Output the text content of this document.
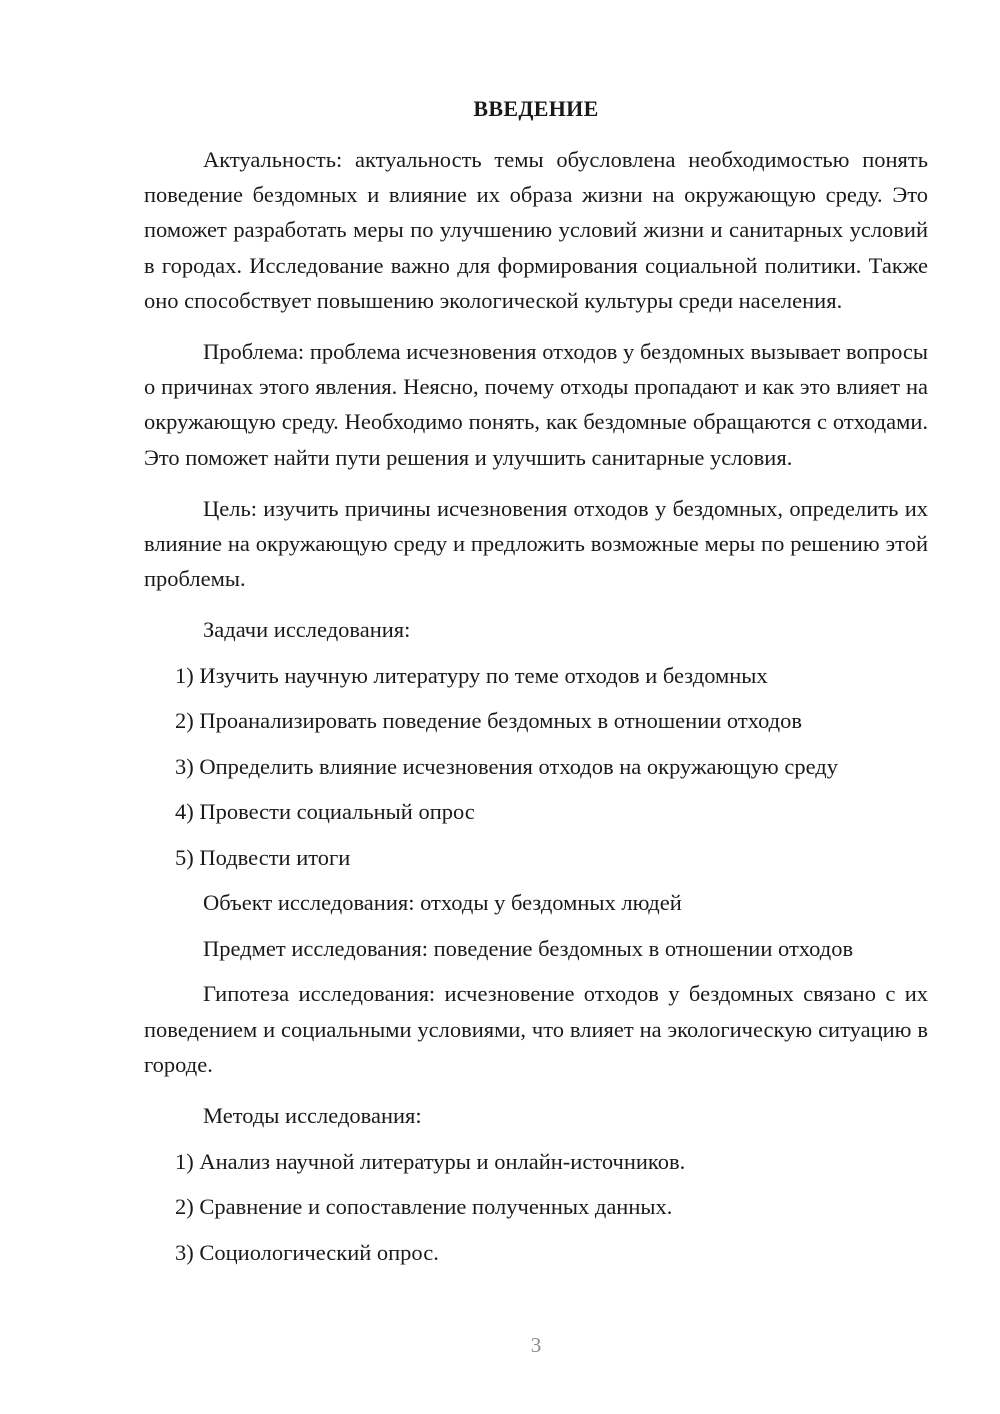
ВВЕДЕНИЕ

Актуальность: актуальность темы обусловлена необходимостью понять поведение бездомных и влияние их образа жизни на окружающую среду. Это поможет разработать меры по улучшению условий жизни и санитарных условий в городах. Исследование важно для формирования социальной политики. Также оно способствует повышению экологической культуры среди населения.

Проблема: проблема исчезновения отходов у бездомных вызывает вопросы о причинах этого явления. Неясно, почему отходы пропадают и как это влияет на окружающую среду. Необходимо понять, как бездомные обращаются с отходами. Это поможет найти пути решения и улучшить санитарные условия.

Цель: изучить причины исчезновения отходов у бездомных, определить их влияние на окружающую среду и предложить возможные меры по решению этой проблемы.

Задачи исследования:
1) Изучить научную литературу по теме отходов и бездомных
2) Проанализировать поведение бездомных в отношении отходов
3) Определить влияние исчезновения отходов на окружающую среду
4) Провести социальный опрос
5) Подвести итоги
Объект исследования: отходы у бездомных людей
Предмет исследования: поведение бездомных в отношении отходов

Гипотеза исследования: исчезновение отходов у бездомных связано с их поведением и социальными условиями, что влияет на экологическую ситуацию в городе.

Методы исследования:
1) Анализ научной литературы и онлайн-источников.
2) Сравнение и сопоставление полученных данных.
3) Социологический опрос.
3
